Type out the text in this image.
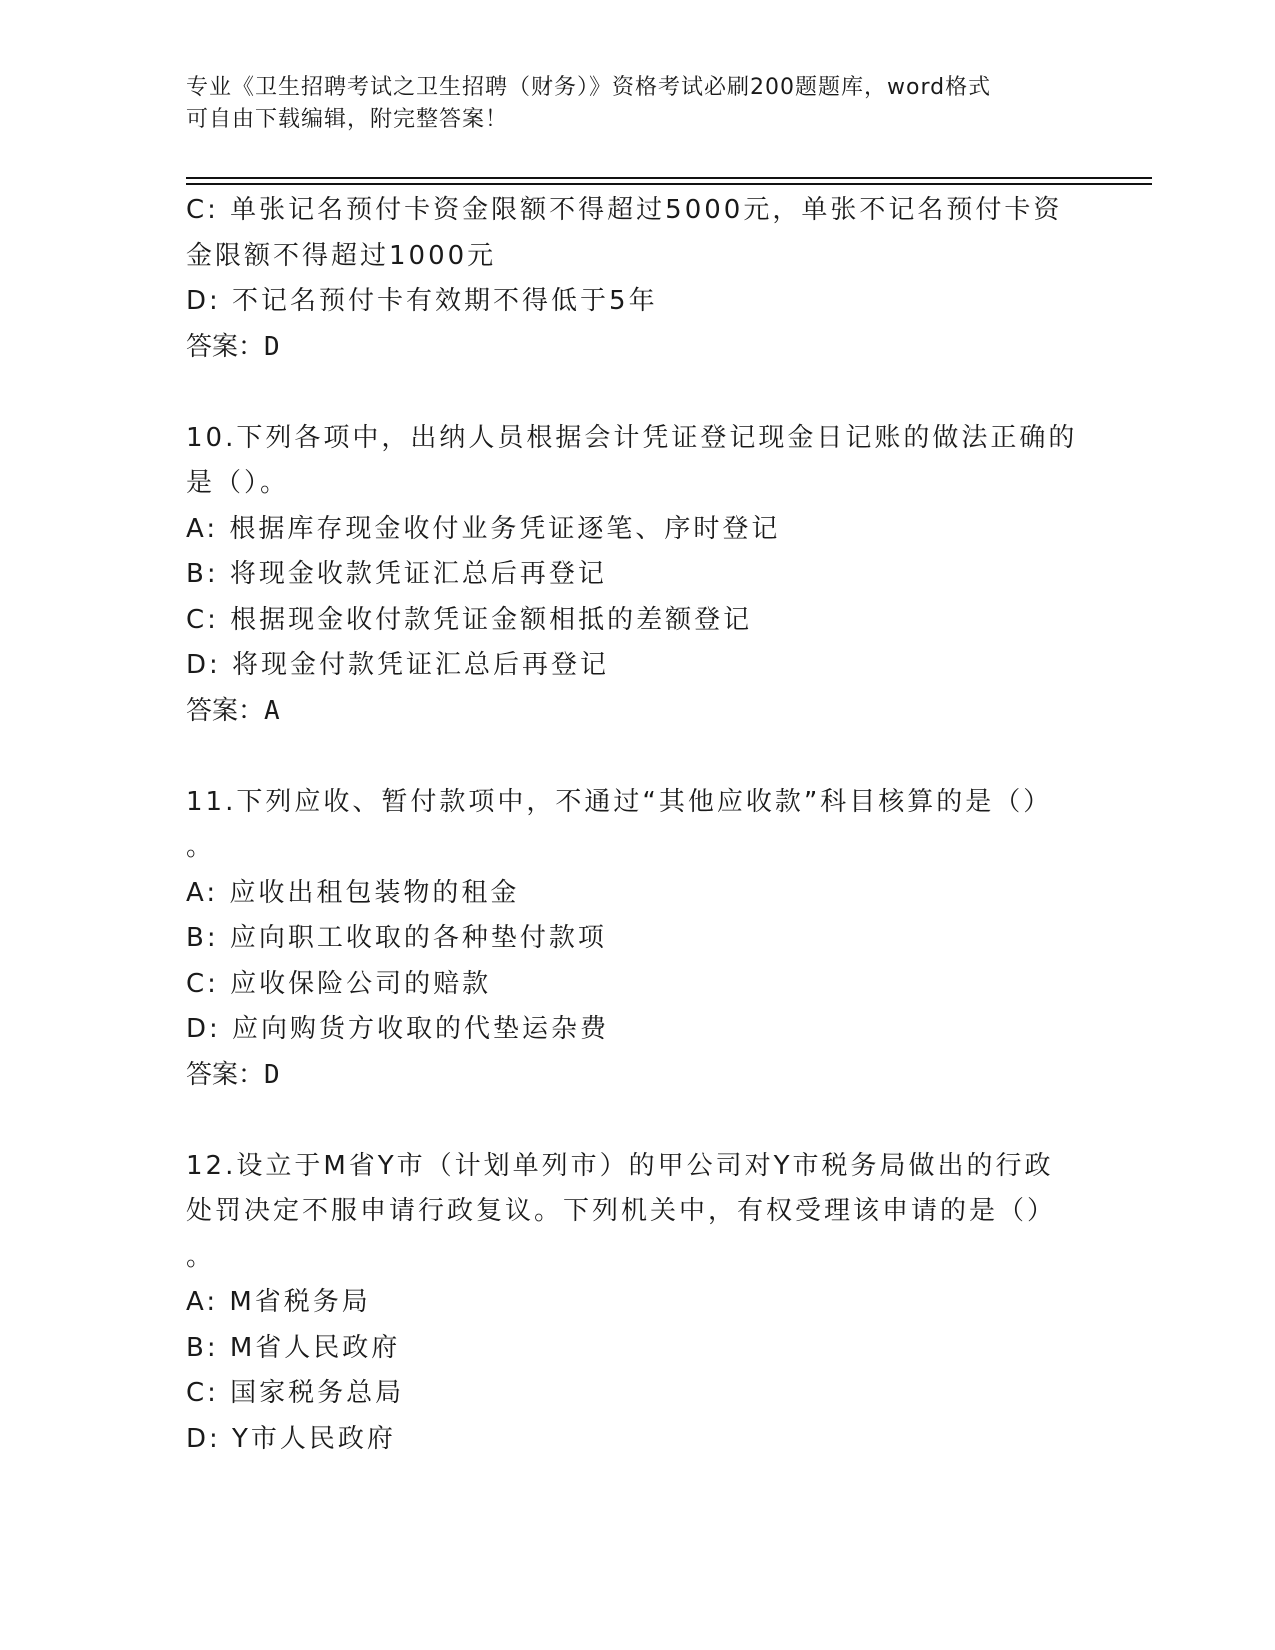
专业《卫生招聘考试之卫生招聘（财务）》资格考试必刷200题题库，word格式
可自由下载编辑，附完整答案！
C: 单张记名预付卡资金限额不得超过5000元，单张不记名预付卡资
金限额不得超过1000元
D: 不记名预付卡有效期不得低于5年
答案：D
10.下列各项中，出纳人员根据会计凭证登记现金日记账的做法正确的
是（）。
A: 根据库存现金收付业务凭证逐笔、序时登记
B: 将现金收款凭证汇总后再登记
C: 根据现金收付款凭证金额相抵的差额登记
D: 将现金付款凭证汇总后再登记
答案：A
11.下列应收、暂付款项中，不通过“其他应收款”科目核算的是（）
。
A: 应收出租包装物的租金
B: 应向职工收取的各种垫付款项
C: 应收保险公司的赔款
D: 应向购货方收取的代垫运杂费
答案：D
12.设立于M省Y市（计划单列市）的甲公司对Y市税务局做出的行政
处罚决定不服申请行政复议。下列机关中，有权受理该申请的是（）
。
A: M省税务局
B: M省人民政府
C: 国家税务总局
D: Y市人民政府
